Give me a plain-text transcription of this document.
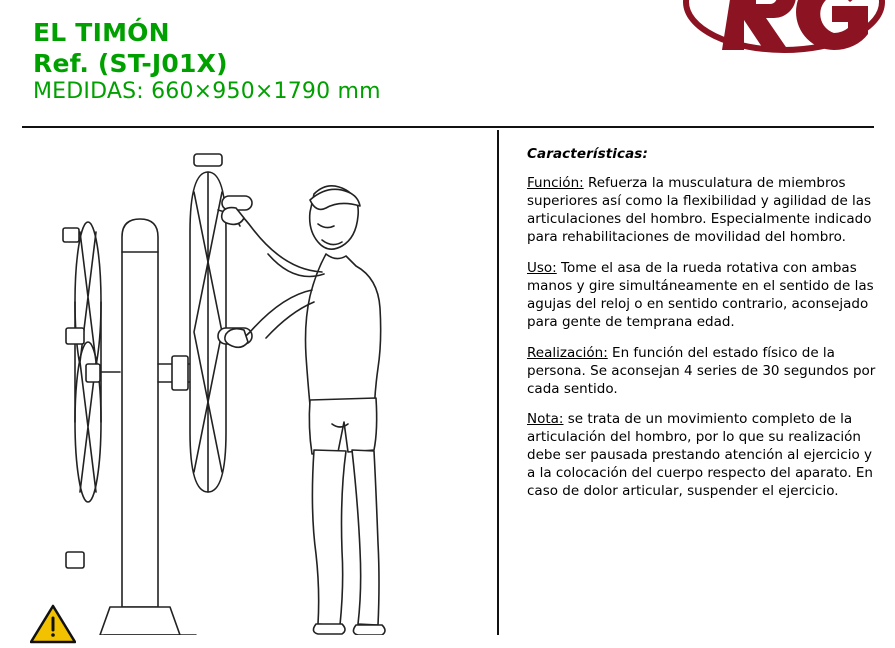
EL TIMÓN
Ref. (ST-J01X)
MEDIDAS: 660×950×1790 mm
Características:
Función: Refuerza la musculatura de miembros superiores así como la flexibilidad y agilidad de las articulaciones del hombro. Especialmente indicado para rehabilitaciones de movilidad del hombro.
Uso: Tome el asa de la rueda rotativa con ambas manos y gire simultáneamente en el sentido de las agujas del reloj o en sentido contrario, aconsejado para gente de temprana edad.
Realización: En función del estado físico de la persona. Se aconsejan 4 series de 30 segundos por cada sentido.
Nota: se trata de un movimiento completo de la articulación del hombro, por lo que su realización debe ser pausada prestando atención al ejercicio y a la colocación del cuerpo respecto del aparato. En caso de dolor articular, suspender el ejercicio.
